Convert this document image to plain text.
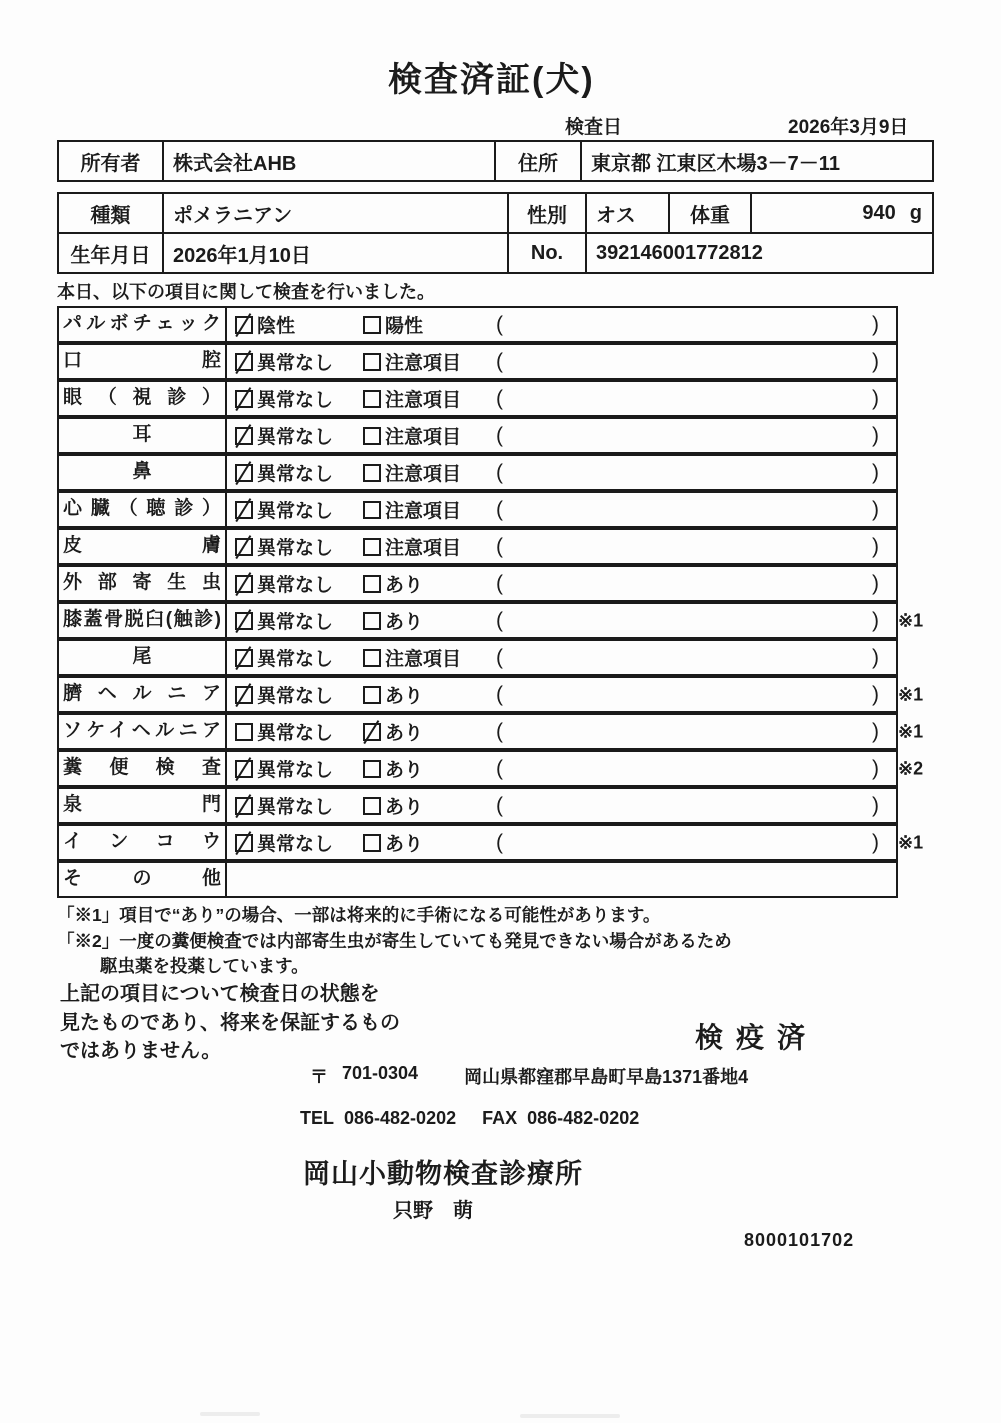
検査済証(犬)
検査日	2026年3月9日
所有者	株式会社AHB	住所	東京都 江東区木場3－7－11
種類	ポメラニアン	性別	オス	体重	940 g
生年月日	2026年1月10日	No.	392146001772812
本日、以下の項目に関して検査を行いました。
パルボチェック	陰性	陽性	(	)
口腔	異常なし	注意項目 (	)
眼（視診）	異常なし	注意項目 (	)
耳	異常なし	注意項目 (	)
鼻	異常なし	注意項目 (	)
心臓（聴診）	異常なし	注意項目 (	)
皮膚	異常なし	注意項目 (	)
外部寄生虫	異常なし	あり	(	)
膝蓋骨脱臼(触診)	異常なし	あり	(	) ※1
尾	異常なし	注意項目 (	)
臍ヘルニア	異常なし	あり	(	) ※1
ソケイヘルニア	異常なし	あり	(	) ※1
糞便検査	異常なし	あり	(	) ※2
泉門	異常なし	あり	(	)
インコウ	異常なし	あり	(	) ※1
その他
「※1」項目で“あり”の場合、一部は将来的に手術になる可能性があります。
「※2」一度の糞便検査では内部寄生虫が寄生していても発見できない場合があるため
駆虫薬を投薬しています。
上記の項目について検査日の状態を
見たものであり、将来を保証するもの
ではありません。	検疫済
〒 701-0304	岡山県都窪郡早島町早島1371番地4
TEL 086-482-0202 FAX 086-482-0202
岡山小動物検査診療所
只野　萌
8000101702
